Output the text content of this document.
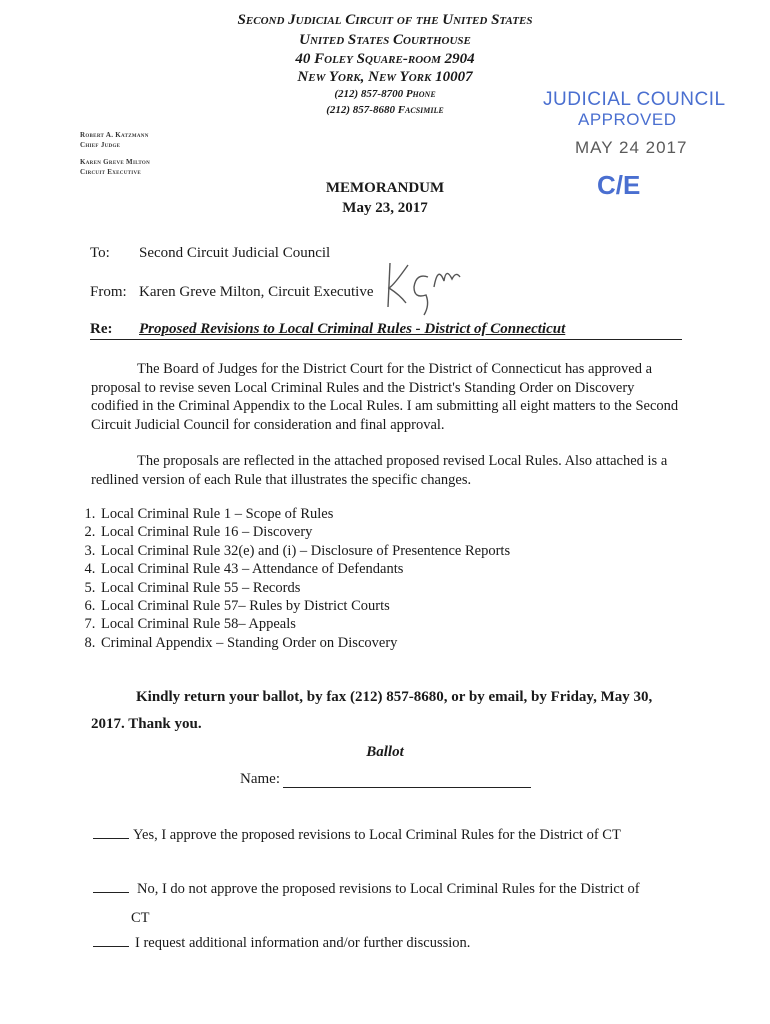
Second Judicial Circuit of the United States
United States Courthouse
40 Foley Square-room 2904
New York, New York 10007
(212) 857-8700 Phone
(212) 857-8680 Facsimile
Robert A. Katzmann
Chief Judge
Karen Greve Milton
Circuit Executive
JUDICIAL COUNCIL
APPROVED
MAY 24 2017
C/E
MEMORANDUM
May 23, 2017
To: Second Circuit Judicial Council
From: Karen Greve Milton, Circuit Executive
Re: Proposed Revisions to Local Criminal Rules - District of Connecticut
The Board of Judges for the District Court for the District of Connecticut has approved a proposal to revise seven Local Criminal Rules and the District's Standing Order on Discovery codified in the Criminal Appendix to the Local Rules. I am submitting all eight matters to the Second Circuit Judicial Council for consideration and final approval.
The proposals are reflected in the attached proposed revised Local Rules. Also attached is a redlined version of each Rule that illustrates the specific changes.
1. Local Criminal Rule 1 – Scope of Rules
2. Local Criminal Rule 16 – Discovery
3. Local Criminal Rule 32(e) and (i) – Disclosure of Presentence Reports
4. Local Criminal Rule 43 – Attendance of Defendants
5. Local Criminal Rule 55 – Records
6. Local Criminal Rule 57– Rules by District Courts
7. Local Criminal Rule 58– Appeals
8. Criminal Appendix – Standing Order on Discovery
Kindly return your ballot, by fax (212) 857-8680, or by email, by Friday, May 30,
2017. Thank you.
Ballot
Name:
Yes, I approve the proposed revisions to Local Criminal Rules for the District of CT
No, I do not approve the proposed revisions to Local Criminal Rules for the District of
CT
I request additional information and/or further discussion.
